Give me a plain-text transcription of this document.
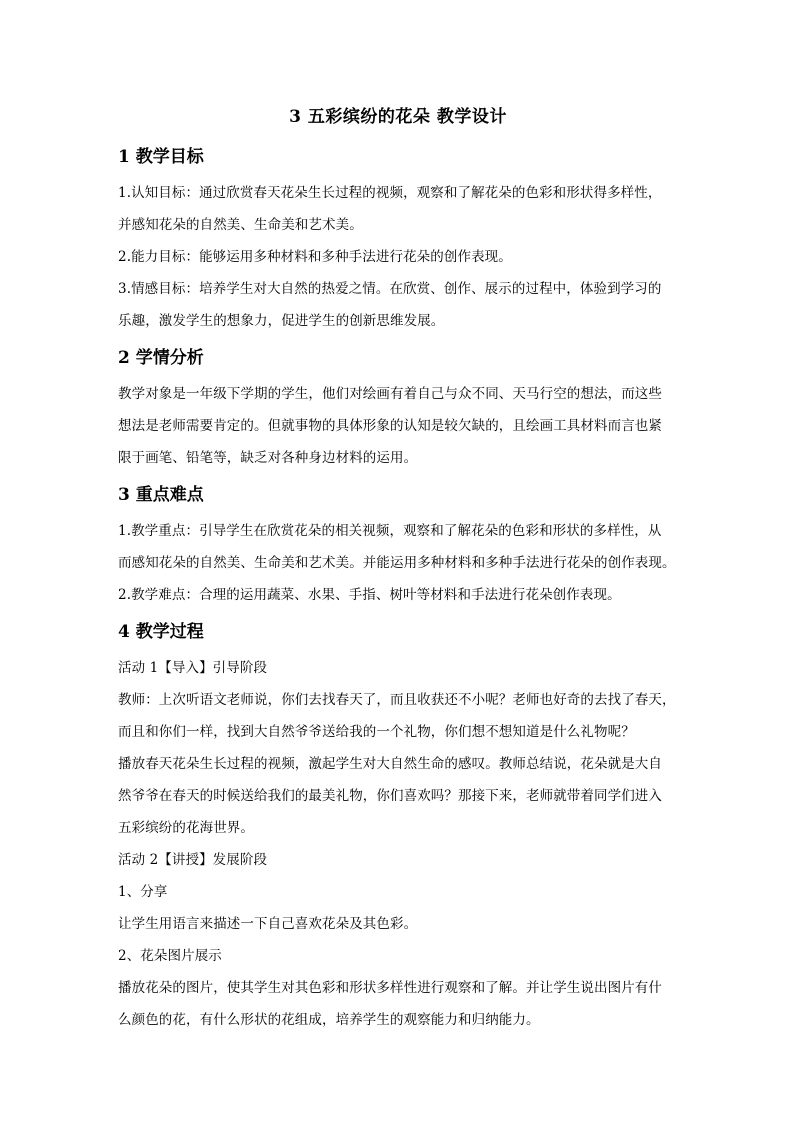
3 五彩缤纷的花朵 教学设计
1 教学目标

1.认知目标：通过欣赏春天花朵生长过程的视频，观察和了解花朵的色彩和形状得多样性，

并感知花朵的自然美、生命美和艺术美。

2.能力目标：能够运用多种材料和多种手法进行花朵的创作表现。

3.情感目标：培养学生对大自然的热爱之情。在欣赏、创作、展示的过程中，体验到学习的

乐趣，激发学生的想象力，促进学生的创新思维发展。

2 学情分析

教学对象是一年级下学期的学生，他们对绘画有着自己与众不同、天马行空的想法，而这些

想法是老师需要肯定的。但就事物的具体形象的认知是较欠缺的，且绘画工具材料而言也紧

限于画笔、铅笔等，缺乏对各种身边材料的运用。

3 重点难点

1.教学重点：引导学生在欣赏花朵的相关视频，观察和了解花朵的色彩和形状的多样性，从

而感知花朵的自然美、生命美和艺术美。并能运用多种材料和多种手法进行花朵的创作表现。

2.教学难点：合理的运用蔬菜、水果、手指、树叶等材料和手法进行花朵创作表现。

4 教学过程

活动 1【导入】引导阶段

教师：上次听语文老师说，你们去找春天了，而且收获还不小呢？老师也好奇的去找了春天，

而且和你们一样，找到大自然爷爷送给我的一个礼物，你们想不想知道是什么礼物呢？

播放春天花朵生长过程的视频，激起学生对大自然生命的感叹。教师总结说，花朵就是大自

然爷爷在春天的时候送给我们的最美礼物，你们喜欢吗？那接下来，老师就带着同学们进入

五彩缤纷的花海世界。

活动 2【讲授】发展阶段

1、分享

让学生用语言来描述一下自己喜欢花朵及其色彩。

2、花朵图片展示

播放花朵的图片，使其学生对其色彩和形状多样性进行观察和了解。并让学生说出图片有什

么颜色的花，有什么形状的花组成，培养学生的观察能力和归纳能力。
